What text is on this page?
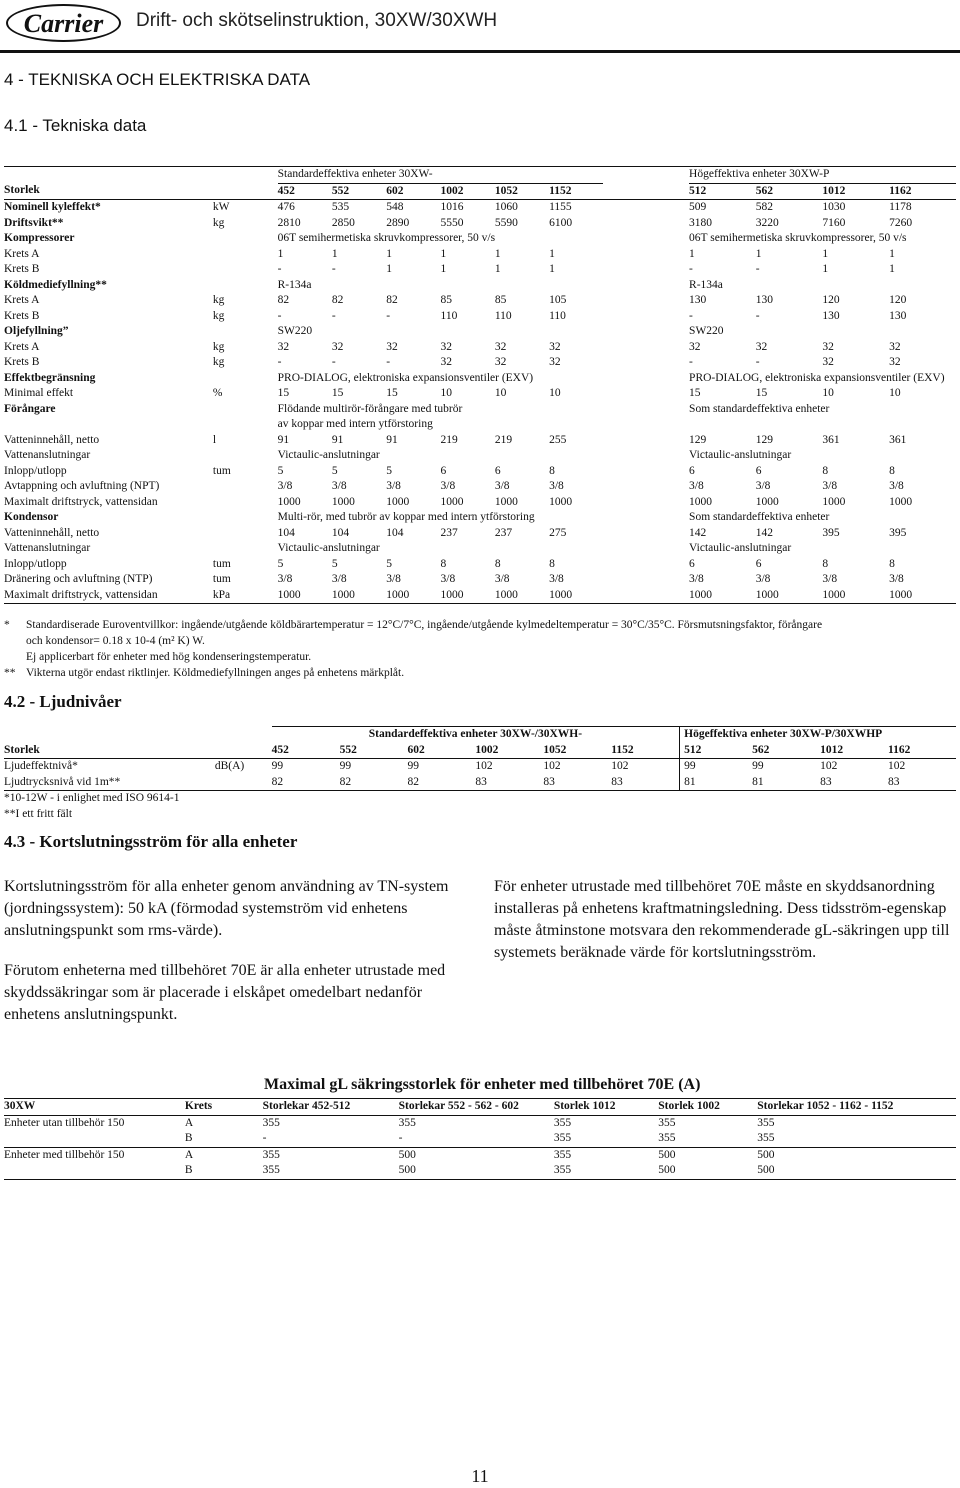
Carrier	Drift- och skötselinstruktion, 30XW/30XWH
4 - TEKNISKA OCH ELEKTRISKA DATA
4.1 - Tekniska data
		Standardeffektiva enheter 30XW-							Högeffektiva enheter 30XW-P			
Storlek		452	552	602	1002	1052	1152		512	562	1012	1162
Nominell kyleffekt*	kW	476	535	548	1016	1060	1155		509	582	1030	1178
Driftsvikt**	kg	2810	2850	2890	5550	5590	6100		3180	3220	7160	7260
Kompressorer		06T semihermetiska skruvkompressorer, 50 v/s							06T semihermetiska skruvkompressorer, 50 v/s			
Krets A		1	1	1	1	1	1		1	1	1	1
Krets B		-	-	1	1	1	1		-	-	1	1
Köldmediefyllning**		R-134a							R-134a			
Krets A	kg	82	82	82	85	85	105		130	130	120	120
Krets B	kg	-	-	-	110	110	110		-	-	130	130
Oljefyllning”		SW220							SW220			
Krets A	kg	32	32	32	32	32	32		32	32	32	32
Krets B	kg	-	-	-	32	32	32		-	-	32	32
Effektbegränsning		PRO-DIALOG, elektroniska expansionsventiler (EXV)							PRO-DIALOG, elektroniska expansionsventiler (EXV)			
Minimal effekt	%	15	15	15	10	10	10		15	15	10	10
Förångare		Flödande multirör-förångare med tubrör							Som standardeffektiva enheter			
		av koppar med intern ytförstoring										
Vatteninnehåll, netto	l	91	91	91	219	219	255		129	129	361	361
Vattenanslutningar		Victaulic-anslutningar							Victaulic-anslutningar			
Inlopp/utlopp	tum	5	5	5	6	6	8		6	6	8	8
Avtappning och avluftning (NPT)		3/8	3/8	3/8	3/8	3/8	3/8		3/8	3/8	3/8	3/8
Maximalt driftstryck, vattensidan		1000	1000	1000	1000	1000	1000		1000	1000	1000	1000
Kondensor		Multi-rör, med tubrör av koppar med intern ytförstoring							Som standardeffektiva enheter			
Vatteninnehåll, netto		104	104	104	237	237	275		142	142	395	395
Vattenanslutningar		Victaulic-anslutningar							Victaulic-anslutningar			
Inlopp/utlopp	tum	5	5	5	8	8	8		6	6	8	8
Dränering och avluftning (NTP)	tum	3/8	3/8	3/8	3/8	3/8	3/8		3/8	3/8	3/8	3/8
Maximalt driftstryck, vattensidan	kPa	1000	1000	1000	1000	1000	1000		1000	1000	1000	1000
*	Standardiserade Euroventvillkor: ingående/utgående köldbärartemperatur = 12°C/7°C, ingående/utgående kylmedeltemperatur = 30°C/35°C. Försmutsningsfaktor, förångare
och kondensor= 0.18 x 10-4 (m² K) W.
Ej applicerbart för enheter med hög kondenseringstemperatur.
** Vikterna utgör endast riktlinjer. Köldmediefyllningen anges på enhetens märkplåt.
4.2 - Ljudnivåer
		Standardeffektiva enheter 30XW-/30XWH-						Högeffektiva enheter 30XW-P/30XWHP			
Storlek		452	552	602	1002	1052	1152	512	562	1012	1162
Ljudeffektnivå*	dB(A)	99	99	99	102	102	102	99	99	102	102
Ljudtrycksnivå vid 1m**		82	82	82	83	83	83	81	81	83	83
*10-12W - i enlighet med ISO 9614-1
**I ett fritt fält
4.3 - Kortslutningsström för alla enheter

Kortslutningsström för alla enheter genom användning av TN-system (jordningssystem): 50 kA (förmodad systemström vid enhetens anslutningspunkt som rms-värde).

Förutom enheterna med tillbehöret 70E är alla enheter utrustade med skyddssäkringar som är placerade i elskåpet omedelbart nedanför enhetens anslutningspunkt.

För enheter utrustade med tillbehöret 70E måste en skyddsanordning installeras på enhetens kraftmatningsledning. Dess tidsström-egenskap måste åtminstone motsvara den rekommenderade gL-säkringen upp till systemets beräknade värde för kortslutningsström.

Maximal gL säkringsstorlek för enheter med tillbehöret 70E (A)
30XW	Krets	Storlekar 452-512	Storlekar 552 - 562 - 602	Storlek 1012	Storlek 1002	Storlekar 1052 - 1162 - 1152
Enheter utan tillbehör 150	A	355	355	355	355	355
	B	-	-	355	355	355
Enheter med tillbehör 150	A	355	500	355	500	500
	B	355	500	355	500	500
11
